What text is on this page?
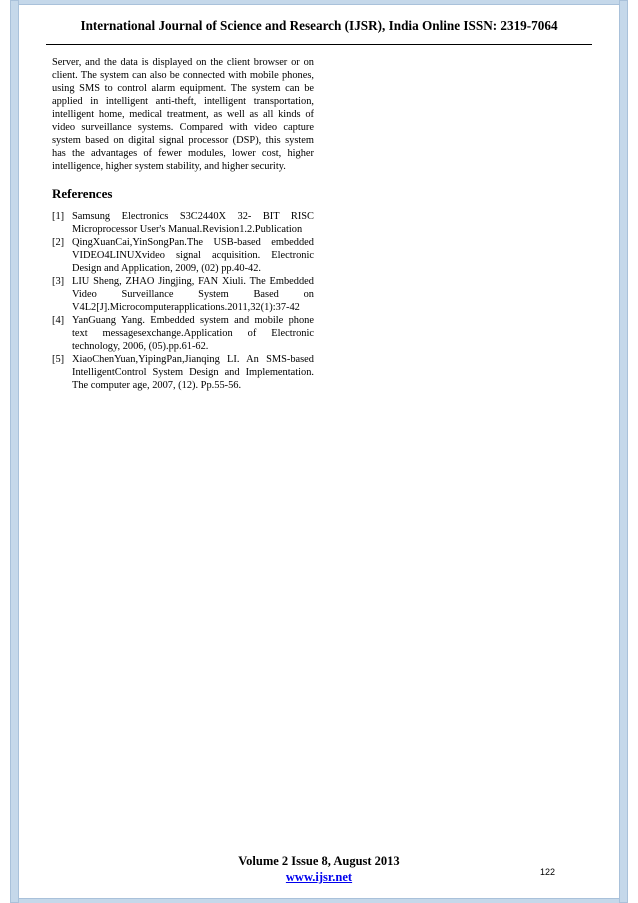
International Journal of Science and Research (IJSR), India Online ISSN: 2319-7064

Server, and the data is displayed on the client browser or on client. The system can also be connected with mobile phones, using SMS to control alarm equipment. The system can be applied in intelligent anti-theft, intelligent transportation, intelligent home, medical treatment, as well as all kinds of video surveillance systems. Compared with video capture system based on digital signal processor (DSP), this system has the advantages of fewer modules, lower cost, higher intelligence, higher system stability, and higher security.

References
[1] Samsung Electronics S3C2440X 32- BIT RISC Microprocessor User's Manual.Revision1.2.Publication
[2] QingXuanCai,YinSongPan.The USB-based embedded VIDEO4LINUXvideo signal acquisition. Electronic Design and Application, 2009, (02) pp.40-42.
[3] LIU Sheng, ZHAO Jingjing, FAN Xiuli. The Embedded Video Surveillance System Based on V4L2[J].Microcomputerapplications.2011,32(1):37-42
[4] YanGuang Yang. Embedded system and mobile phone text messagesexchange.Application of Electronic technology, 2006, (05).pp.61-62.
[5] XiaoChenYuan,YipingPan,Jianqing LI. An SMS-based IntelligentControl System Design and Implementation. The computer age, 2007, (12). Pp.55-56.
Volume 2 Issue 8, August 2013
www.ijsr.net	122
